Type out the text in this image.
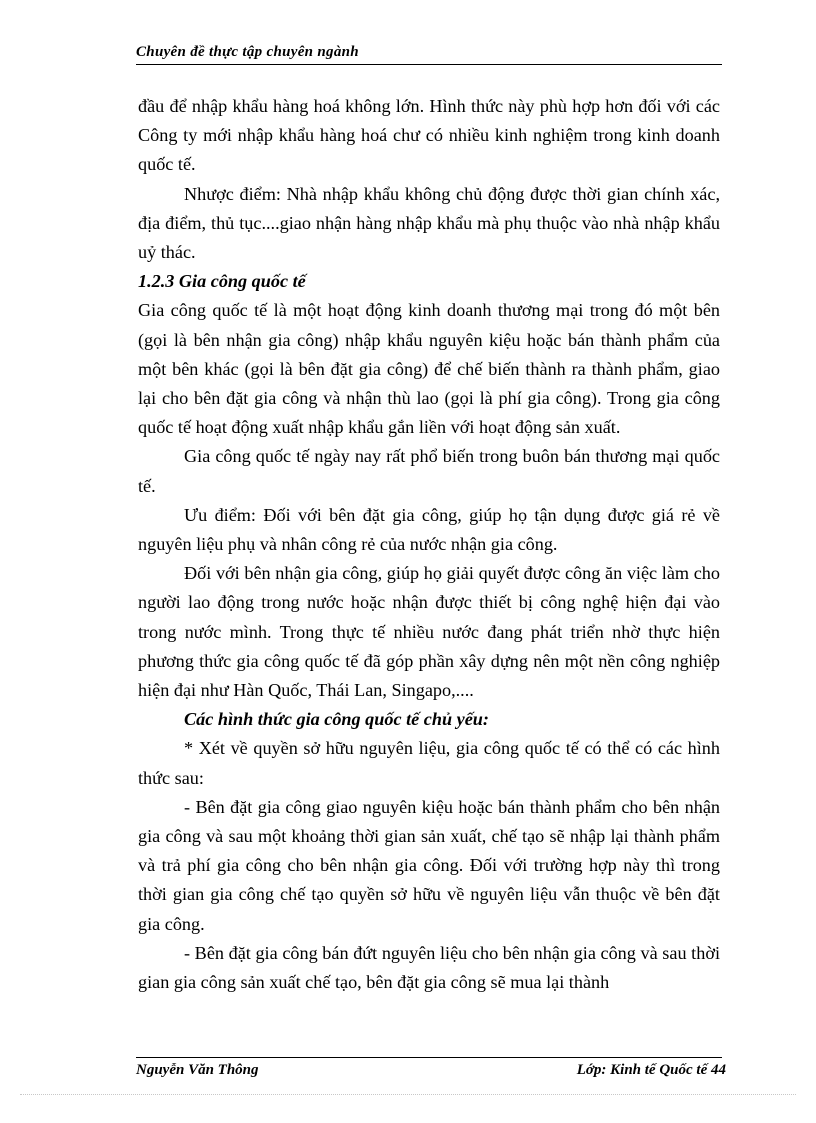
Chuyên đề thực tập chuyên ngành

đầu để nhập khẩu hàng hoá không lớn. Hình thức này phù hợp hơn đối với các Công ty mới nhập khẩu hàng hoá chư có nhiều kinh nghiệm trong kinh doanh quốc tế.

Nhược điểm: Nhà nhập khẩu không chủ động được thời gian chính xác, địa điểm, thủ tục....giao nhận hàng nhập khẩu mà phụ thuộc vào nhà nhập khẩu uỷ thác.

1.2.3 Gia công quốc tế

Gia công quốc tế là một hoạt động kinh doanh thương mại trong đó một bên (gọi là bên nhận gia công) nhập khẩu nguyên kiệu hoặc bán thành phẩm của một bên khác (gọi là bên đặt gia công) để chế biến thành ra thành phẩm, giao lại cho bên đặt gia công và nhận thù lao (gọi là phí gia công). Trong gia công quốc tế hoạt động xuất nhập khẩu gắn liền với hoạt động sản xuất.

Gia công quốc tế ngày nay rất phổ biến trong buôn bán thương mại quốc tế.

Ưu điểm: Đối với bên đặt gia công, giúp họ tận dụng được giá rẻ về nguyên liệu phụ và nhân công rẻ của nước nhận gia công.

Đối với bên nhận gia công, giúp họ giải quyết được công ăn việc làm cho người lao động trong nước hoặc nhận được thiết bị công nghệ hiện đại vào trong nước mình. Trong thực tế nhiều nước đang phát triển nhờ thực hiện phương thức gia công quốc tế đã góp phần xây dựng nên một nền công nghiệp hiện đại như Hàn Quốc, Thái Lan, Singapo,....

Các hình thức gia công quốc tế chủ yếu:

* Xét về quyền sở hữu nguyên liệu, gia công quốc tế có thể có các hình thức sau:

- Bên đặt gia công giao nguyên kiệu hoặc bán thành phẩm cho bên nhận gia công và sau một khoảng thời gian sản xuất, chế tạo sẽ nhập lại thành phẩm và trả phí gia công cho bên nhận gia công. Đối với trường hợp này thì trong thời gian gia công chế tạo quyền sở hữu về nguyên liệu vẫn thuộc về bên đặt gia công.

- Bên đặt gia công bán đứt nguyên liệu cho bên nhận gia công và sau thời gian gia công sản xuất chế tạo, bên đặt gia công sẽ mua lại thành

Nguyễn Văn Thông	Lớp: Kinh tế Quốc tế 44
